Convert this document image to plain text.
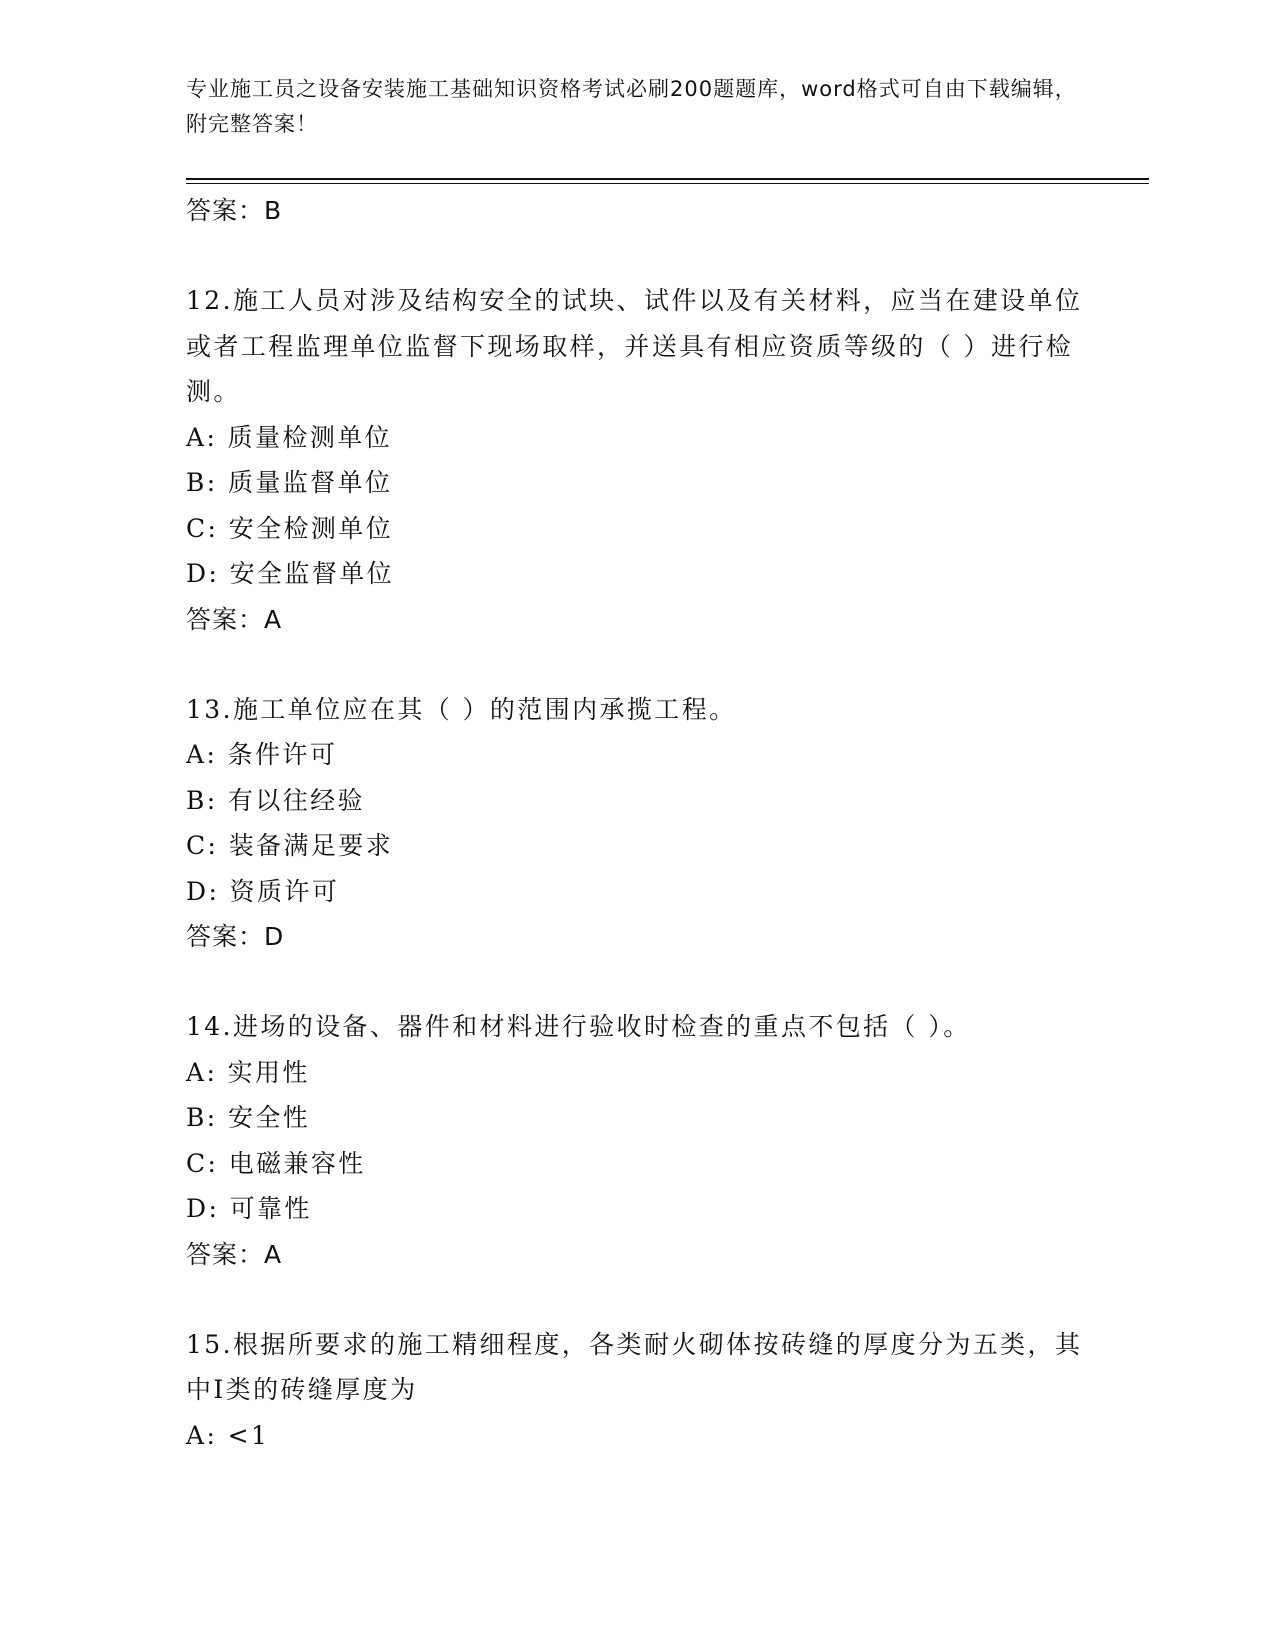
专业施工员之设备安装施工基础知识资格考试必刷200题题库，word格式可自由下载编辑，附完整答案！
答案：B
12.施工人员对涉及结构安全的试块、试件以及有关材料，应当在建设单位或者工程监理单位监督下现场取样，并送具有相应资质等级的（ ）进行检测。
A: 质量检测单位
B: 质量监督单位
C: 安全检测单位
D: 安全监督单位
答案：A
13.施工单位应在其（ ）的范围内承揽工程。
A: 条件许可
B: 有以往经验
C: 装备满足要求
D: 资质许可
答案：D
14.进场的设备、器件和材料进行验收时检查的重点不包括（ ）。
A: 实用性
B: 安全性
C: 电磁兼容性
D: 可靠性
答案：A
15.根据所要求的施工精细程度，各类耐火砌体按砖缝的厚度分为五类，其中Ⅰ类的砖缝厚度为
A: <1
